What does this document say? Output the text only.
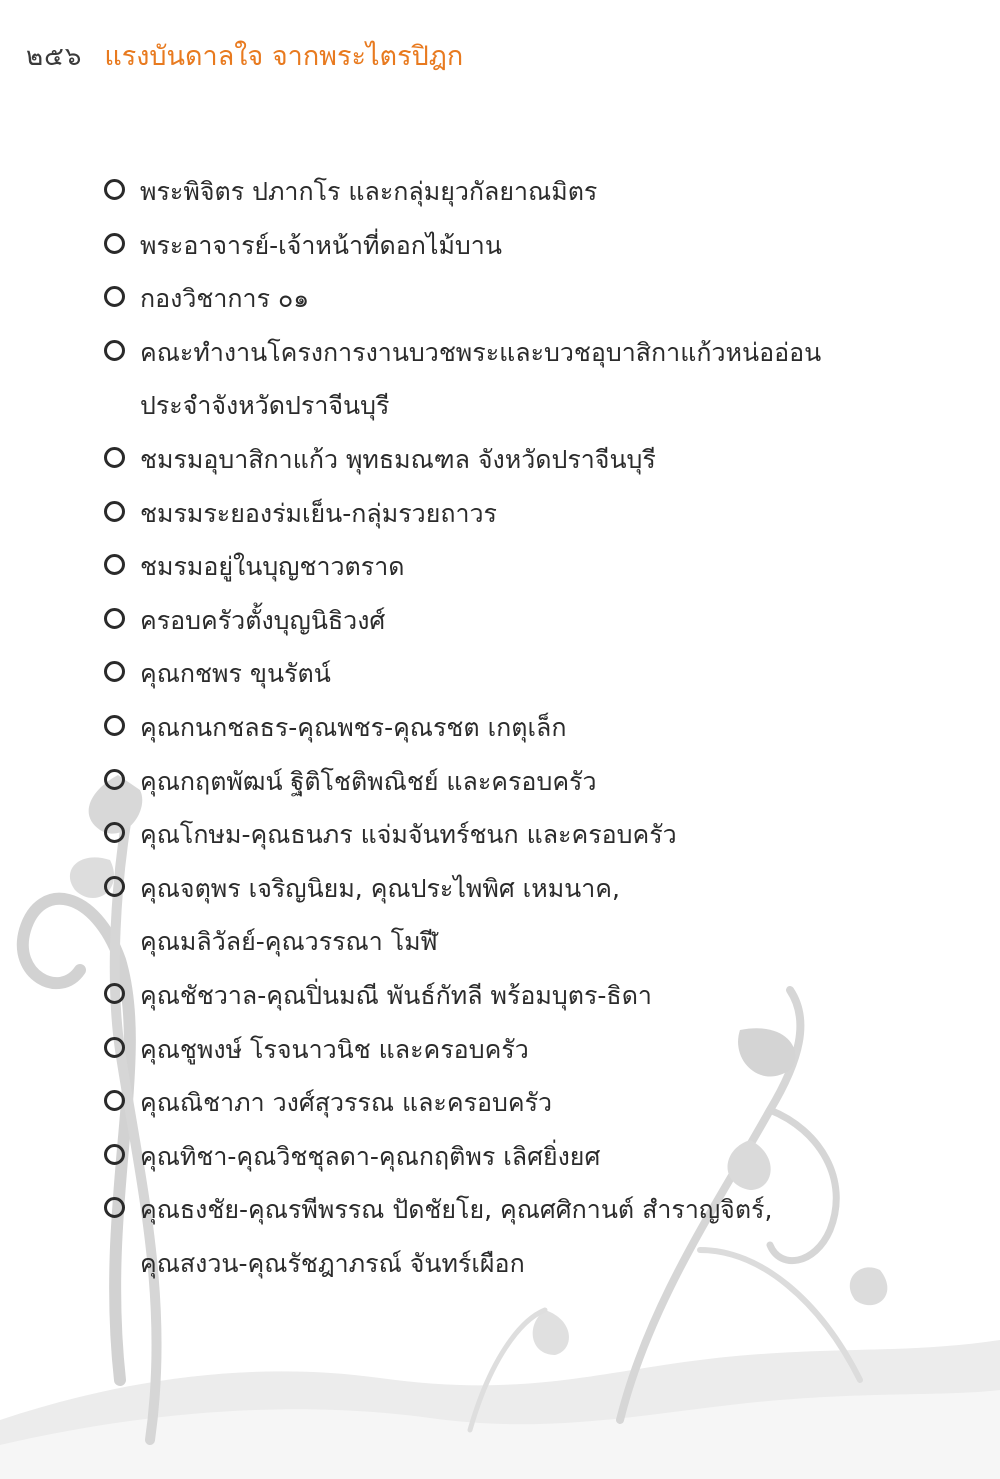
๒๕๖ แรงบันดาลใจ จากพระไตรปิฎก
พระพิจิตร ปภากโร และกลุ่มยุวกัลยาณมิตร
พระอาจารย์-เจ้าหน้าที่ดอกไม้บาน
กองวิชาการ ๐๑
คณะทำงานโครงการงานบวชพระและบวชอุบาสิกาแก้วหน่ออ่อน
ประจำจังหวัดปราจีนบุรี
ชมรมอุบาสิกาแก้ว พุทธมณฑล จังหวัดปราจีนบุรี
ชมรมระยองร่มเย็น-กลุ่มรวยถาวร
ชมรมอยู่ในบุญชาวตราด
ครอบครัวตั้งบุญนิธิวงศ์
คุณกชพร ขุนรัตน์
คุณกนกชลธร-คุณพชร-คุณรชต เกตุเล็ก
คุณกฤตพัฒน์ ฐิติโชติพณิชย์ และครอบครัว
คุณโกษม-คุณธนภร แจ่มจันทร์ชนก และครอบครัว
คุณจตุพร เจริญนิยม, คุณประไพพิศ เหมนาค,
คุณมลิวัลย์-คุณวรรณา โมฬี
คุณชัชวาล-คุณปิ่นมณี พันธ์กัทลี พร้อมบุตร-ธิดา
คุณชูพงษ์ โรจนาวนิช และครอบครัว
คุณณิชาภา วงศ์สุวรรณ และครอบครัว
คุณทิชา-คุณวิชชุลดา-คุณกฤติพร เลิศยิ่งยศ
คุณธงชัย-คุณรพีพรรณ ปัดชัยโย, คุณศศิกานต์ สำราญจิตร์,
คุณสงวน-คุณรัชฎาภรณ์ จันทร์เผือก
